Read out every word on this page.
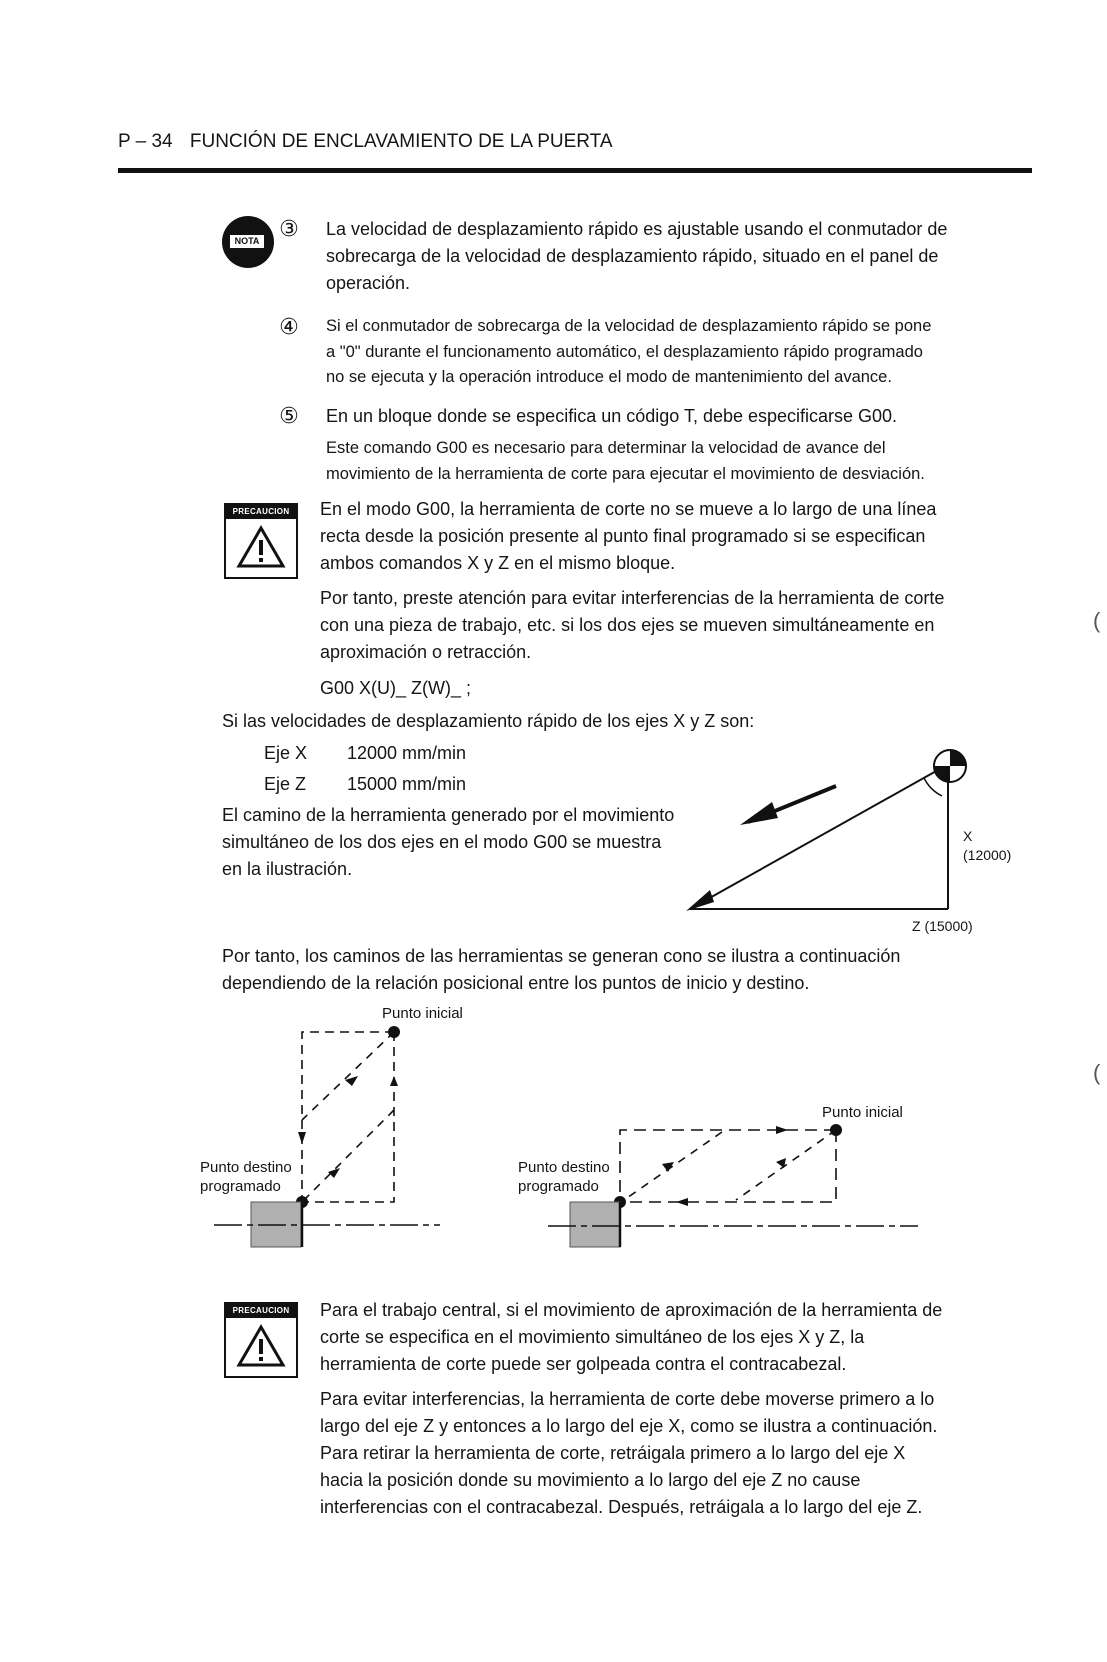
P – 34 FUNCIÓN DE ENCLAVAMIENTO DE LA PUERTA
NOTA ③ La velocidad de desplazamiento rápido es ajustable usando el conmutador de
sobrecarga de la velocidad de desplazamiento rápido, situado en el panel de
operación.
④ Si el conmutador de sobrecarga de la velocidad de desplazamiento rápido se pone
a "0" durante el funcionamento automático, el desplazamiento rápido programado
no se ejecuta y la operación introduce el modo de mantenimiento del avance.
⑤ En un bloque donde se especifica un código T, debe especificarse G00.
Este comando G00 es necesario para determinar la velocidad de avance del
movimiento de la herramienta de corte para ejecutar el movimiento de desviación.
PRECAUCION	En el modo G00, la herramienta de corte no se mueve a lo largo de una línea
recta desde la posición presente al punto final programado si se especifican
ambos comandos X y Z en el mismo bloque.
Por tanto, preste atención para evitar interferencias de la herramienta de corte
con una pieza de trabajo, etc. si los dos ejes se mueven simultáneamente en
aproximación o retracción.
G00 X(U)_ Z(W)_ ;
Si las velocidades de desplazamiento rápido de los ejes X y Z son:
Eje X 12000 mm/min
Eje Z 15000 mm/min
El camino de la herramienta generado por el movimiento
simultáneo de los dos ejes en el modo G00 se muestra
en la ilustración.
X
(12000)
Z (15000)
Por tanto, los caminos de las herramientas se generan cono se ilustra a continuación
dependiendo de la relación posicional entre los puntos de inicio y destino.
Punto inicial
Punto destino
programado
Punto inicial
Punto destino
programado
PRECAUCION	Para el trabajo central, si el movimiento de aproximación de la herramienta de
corte se especifica en el movimiento simultáneo de los ejes X y Z, la
herramienta de corte puede ser golpeada contra el contracabezal.
Para evitar interferencias, la herramienta de corte debe moverse primero a lo
largo del eje Z y entonces a lo largo del eje X, como se ilustra a continuación.
Para retirar la herramienta de corte, retráigala primero a lo largo del eje X
hacia la posición donde su movimiento a lo largo del eje Z no cause
interferencias con el contracabezal. Después, retráigala a lo largo del eje Z.
(
(
